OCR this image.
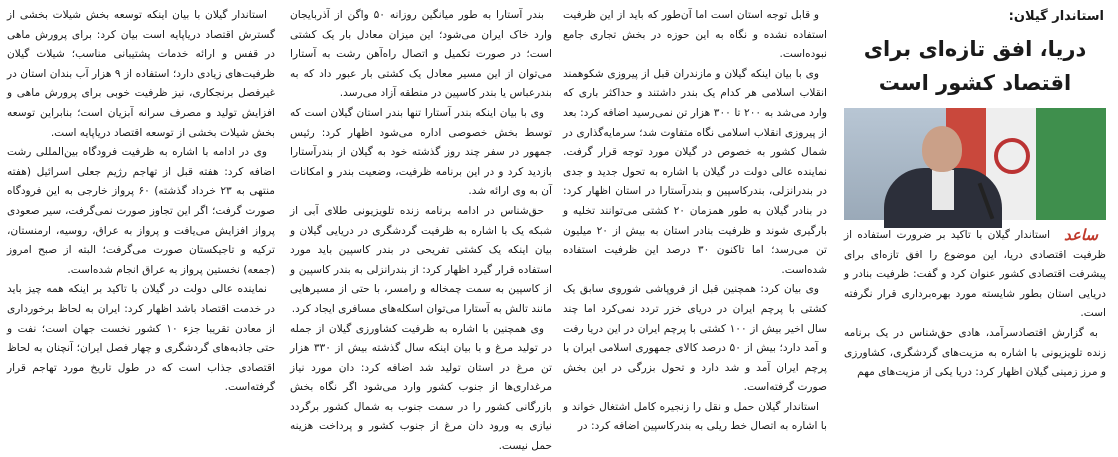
استاندار گیلان:
دریا، افق تازه‌ای برای اقتصاد کشور است

ساعد
استاندار گیلان با تاکید بر ضرورت استفاده از ظرفیت اقتصادی دریا، این موضوع را افق تازه‌ای برای پیشرفت اقتصادی کشور عنوان کرد و گفت: ظرفیت بنادر و دریایی استان بطور شایسته مورد بهره‌برداری قرار نگرفته است.

به گزارش اقتصادسرآمد، هادی حق‌شناس در یک برنامه زنده تلویزیونی با اشاره به مزیت‌های گردشگری، کشاورزی و مرز زمینی گیلان اظهار کرد: دریا یکی از مزیت‌های مهم

و قابل توجه استان است اما آن‌طور که باید از این ظرفیت استفاده نشده و نگاه به این حوزه در بخش تجاری جامع نبوده‌است.

وی با بیان اینکه گیلان و مازندران قبل از پیروزی شکوهمند انقلاب اسلامی هر کدام یک بندر داشتند و حداکثر باری که وارد می‌شد به ۲۰۰ تا ۳۰۰ هزار تن نمی‌رسید اضافه کرد: بعد از پیروزی انقلاب اسلامی نگاه متفاوت شد؛ سرمایه‌گذاری در شمال کشور به خصوص در گیلان مورد توجه قرار گرفت. نماینده عالی دولت در گیلان با اشاره به تحول جدید و جدی در بندرانزلی، بندرکاسپین و بندرآستارا در استان اظهار کرد: در بنادر گیلان به طور همزمان ۲۰ کشتی می‌توانند تخلیه و بارگیری شوند و ظرفیت بنادر استان به بیش از ۲۰ میلیون تن می‌رسد؛ اما تاکنون ۳۰ درصد این ظرفیت استفاده شده‌است.

وی بیان کرد: همچنین قبل از فروپاشی شوروی سابق یک کشتی با پرچم ایران در دریای خزر تردد نمی‌کرد اما چند سال اخیر بیش از ۱۰۰ کشتی با پرچم ایران در این دریا رفت و آمد دارد؛ بیش از ۵۰ درصد کالای جمهوری اسلامی ایران با پرچم ایران آمد و شد دارد و تحول بزرگی در این بخش صورت گرفته‌است.

استاندار گیلان حمل و نقل را زنجیره کامل اشتغال خواند و با اشاره به اتصال خط ریلی به بندرکاسپین اضافه کرد: در

بندر آستارا به طور میانگین روزانه ۵۰ واگن از آذربایجان وارد خاک ایران می‌شود؛ این میزان معادل بار یک کشتی است؛ در صورت تکمیل و اتصال راه‌آهن رشت به آستارا می‌توان از این مسیر معادل یک کشتی بار عبور داد که به بندرعباس یا بندر کاسپین در منطقه آزاد می‌رسد.

وی با بیان اینکه بندر آستارا تنها بندر استان گیلان است که توسط بخش خصوصی اداره می‌شود اظهار کرد: رئیس جمهور در سفر چند روز گذشته خود به گیلان از بندرآستارا بازدید کرد و در این برنامه ظرفیت، وضعیت بندر و امکانات آن به وی ارائه شد.

حق‌شناس در ادامه برنامه زنده تلویزیونی طلای آبی از شبکه یک با اشاره به ظرفیت گردشگری در دریایی گیلان و بیان اینکه یک کشتی تفریحی در بندر کاسپین باید مورد استفاده قرار گیرد اظهار کرد: از بندرانزلی به بندر کاسپین و از کاسپین به سمت چمخاله و رامسر، با حتی از مسیرهایی مانند تالش به آستارا می‌توان اسکله‌های مسافری ایجاد کرد.

وی همچنین با اشاره به ظرفیت کشاورزی گیلان از جمله در تولید مرغ و با بیان اینکه سال گذشته بیش از ۳۳۰ هزار تن مرغ در استان تولید شد اضافه کرد: دان مورد نیاز مرغداری‌ها از جنوب کشور وارد می‌شود اگر نگاه بخش بازرگانی کشور را در سمت جنوب به شمال کشور برگردد نیازی به ورود دان مرغ از جنوب کشور و پرداخت هزینه حمل نیست.

استاندار گیلان با بیان اینکه توسعه بخش شیلات بخشی از گسترش اقتصاد دریاپایه است بیان کرد: برای پرورش ماهی در قفس و ارائه خدمات پشتیبانی مناسب؛ شیلات گیلان ظرفیت‌های زیادی دارد؛ استفاده از ۹ هزار آب بندان استان در غیرفصل برنجکاری، نیز ظرفیت خوبی برای پرورش ماهی و افزایش تولید و مصرف سرانه آبزیان است؛ بنابراین توسعه بخش شیلات بخشی از توسعه اقتصاد دریاپایه است.

وی در ادامه با اشاره به ظرفیت فرودگاه بین‌المللی رشت اضافه کرد: هفته قبل از تهاجم رژیم جعلی اسرائیل (هفته منتهی به ۲۳ خرداد گذشته) ۶۰ پرواز خارجی به این فرودگاه صورت گرفت؛ اگر این تجاوز صورت نمی‌گرفت، سیر صعودی پرواز افزایش می‌یافت و پرواز به عراق، روسیه، ارمنستان، ترکیه و تاجیکستان صورت می‌گرفت؛ البته از صبح امروز (جمعه) نخستین پرواز به عراق انجام شده‌است.

نماینده عالی دولت در گیلان با تاکید بر اینکه همه چیز باید در خدمت اقتصاد باشد اظهار کرد: ایران به لحاظ برخورداری از معادن تقریبا جزء ۱۰ کشور نخست جهان است؛ نفت و حتی جاذبه‌های گردشگری و چهار فصل ایران؛ آنچنان به لحاظ اقتصادی جذاب است که در طول تاریخ مورد تهاجم قرار گرفته‌است.
